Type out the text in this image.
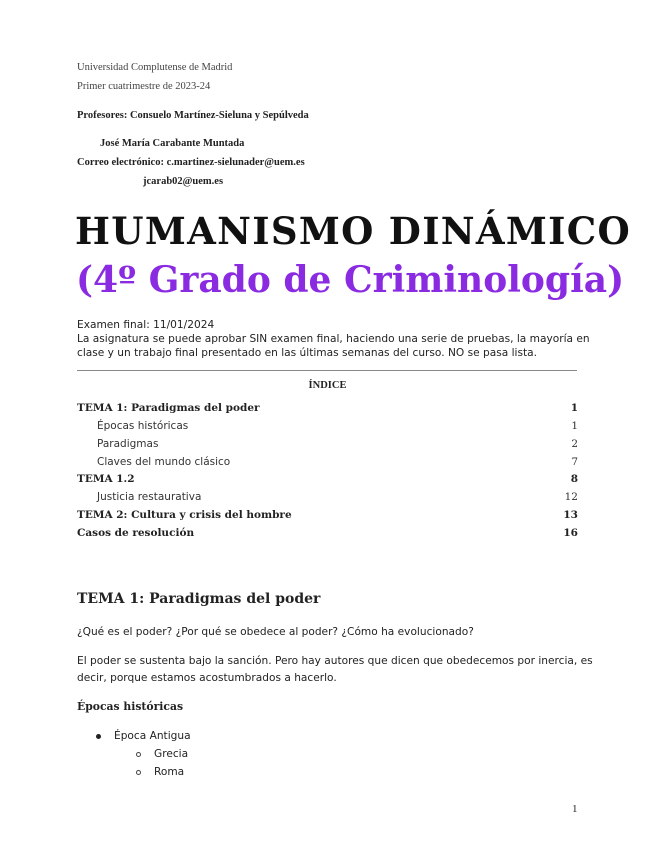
Universidad Complutense de Madrid
Primer cuatrimestre de 2023-24
Profesores: Consuelo Martínez-Sieluna y Sepúlveda
José María Carabante Muntada
Correo electrónico: c.martinez-sielunader@uem.es
jcarab02@uem.es
HUMANISMO DINÁMICO
(4º Grado de Criminología)
Examen final: 11/01/2024
La asignatura se puede aprobar SIN examen final, haciendo una serie de pruebas, la mayoría en
clase y un trabajo final presentado en las últimas semanas del curso. NO se pasa lista.
ÍNDICE
TEMA 1: Paradigmas del poder	1
Épocas históricas	1
Paradigmas	2
Claves del mundo clásico	7
TEMA 1.2	8
Justicia restaurativa	12
TEMA 2: Cultura y crisis del hombre	13
Casos de resolución	16
TEMA 1: Paradigmas del poder
¿Qué es el poder? ¿Por qué se obedece al poder? ¿Cómo ha evolucionado?
El poder se sustenta bajo la sanción. Pero hay autores que dicen que obedecemos por inercia, es
decir, porque estamos acostumbrados a hacerlo.
Épocas históricas
Época Antigua
Grecia
Roma
1
